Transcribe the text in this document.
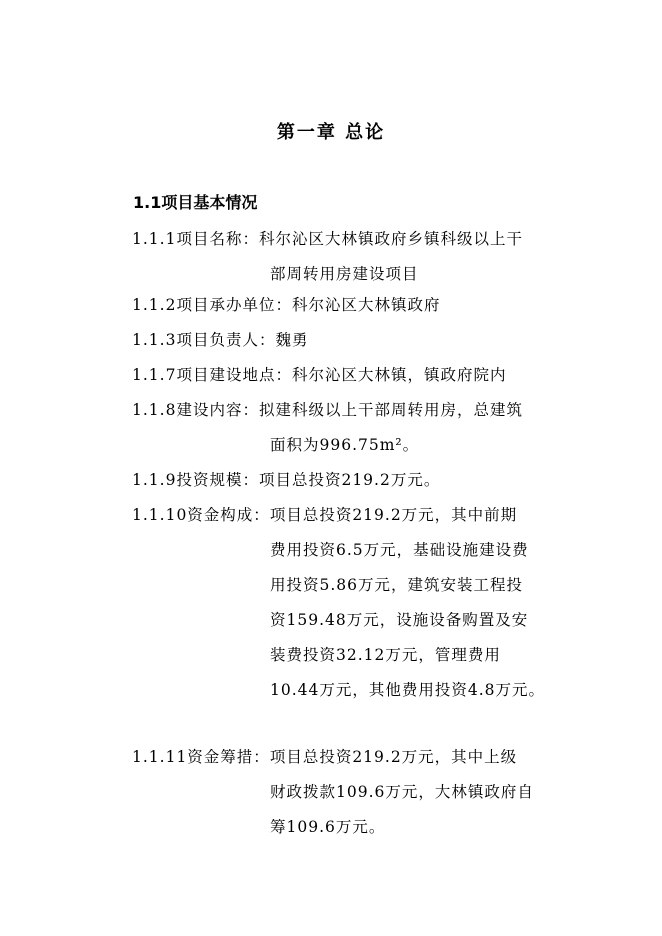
第一章 总论
1.1项目基本情况
1.1.1项目名称：科尔沁区大林镇政府乡镇科级以上干
部周转用房建设项目
1.1.2项目承办单位：科尔沁区大林镇政府
1.1.3项目负责人：魏勇
1.1.7项目建设地点：科尔沁区大林镇，镇政府院内
1.1.8建设内容：拟建科级以上干部周转用房，总建筑
面积为996.75m²。
1.1.9投资规模：项目总投资219.2万元。
1.1.10资金构成：项目总投资219.2万元，其中前期
费用投资6.5万元，基础设施建设费
用投资5.86万元，建筑安装工程投
资159.48万元，设施设备购置及安
装费投资32.12万元，管理费用
10.44万元，其他费用投资4.8万元。
1.1.11资金筹措：项目总投资219.2万元，其中上级
财政拨款109.6万元，大林镇政府自
筹109.6万元。
